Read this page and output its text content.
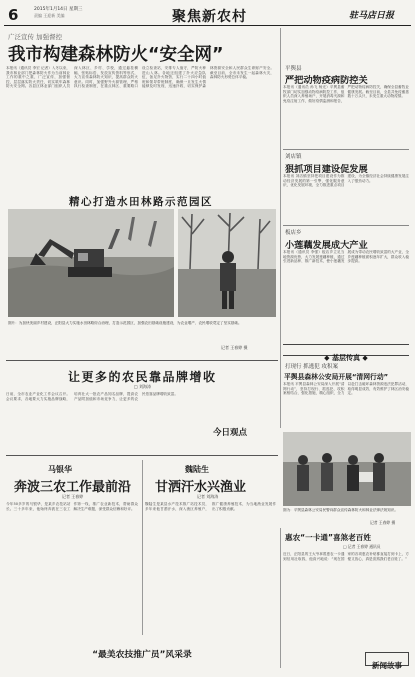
2015年1月14日 星期三
6	责编 王迎新 美编	聚焦新农村	驻马店日报
广泛宣传 加强督控
我市构建森林防火“安全网”
本报讯（通讯员 李宏 记者）入冬以来，我市林业部门把森林防火作为当前林业工作的重中之重，广泛宣传，加强督控，层层落实防火责任，切实筑牢森林防火安全网。各县区林业部门组织人员深入林区、乡村、学校，通过悬挂横幅、张贴标语、发放宣传资料等形式，大力宣传森林防火知识，提高群众防火意识。同时，加强野外火源管理，严格执行检查制度，在重点林区、重要路口设立检查站，安排专人值守，严防火种进山入林。各地还组建了扑火应急队伍，备足扑火物资，实行二十四小时值班和领导带班制度，确保一旦发生火情能够及时发现、迅速扑救，切实保护森林资源安全和人民群众生命财产安全。截至目前，全市未发生一起森林火灾，森林防火形势总体平稳。
平舆县
严把动物疫病防控关
本报讯（通讯员 孙飞 杨光）平舆县畜牧部门切实加强动物疫病防控工作，组织人员深入养殖场户，开展消毒灭源和免疫注射工作，做好疫情监测和报告，严把动物疫病防控关，确保全县畜牧业健康发展。截至目前，全县共免疫畜禽数十万头只，未发生重大动物疫情。
刘店镇
狠抓项目建设促发展
本报讯 刘店镇坚持把项目建设作为推动经济发展的第一引擎，强化服务意识，优化发展环境，全力推进重点项目建设，为全镇经济社会持续健康发展注入了强劲动力。
板店乡
小莲藕发展成大产业
本报讯（通讯员 李强）板店乡立足当地资源优势，大力发展莲藕种植，通过引进新品种、推广新技术，使小莲藕发展成为带动农民增收致富的大产业，全乡莲藕种植面积逐年扩大，群众收入稳步提高。
◆ 基层传真 ◆
精心打造水田林路示范园区
图片：为加快美丽乡村建设，正阳县大力实施水田林路综合治理，打造示范园区，加强农田基础设施建设，为农业增产、农民增收奠定了坚实基础。
记者 王春婷 摄
打现行 抓逃犯 攻积案
平舆县森林公安局开展“清网行动”
本报讯 平舆县森林公安局深入开展“清网行动”，坚持打现行、抓逃犯、攻积案相结合，强化措施，精心组织，全力以赴打击破坏森林资源违法犯罪活动，取得明显成效，有效维护了林区治安稳定。
让更多的农民靠品牌增收
□ 刘海涛
日前，全市农业产业化工作会议召开。会议要求，各地要大力实施品牌战略，培育壮大一批农产品知名品牌，提高农产品附加值和市场竞争力，让更多的农民依靠品牌增收致富。
今日观点
图为：平舆县森林公安局民警向群众宣传森林防火和林业法律法规知识。
记者 王春婷 摄
马银华
奔波三农工作最前沿
记者 王春婷
今年50多岁的马银华，是某乡农技站站长。三十多年来，他始终奔波在三农工作第一线，推广农业新技术，帮助群众解决生产难题，深受群众信赖和好评。
魏陆生
甘洒汗水兴渔业
记者 刘海涛
魏陆生是某县水产技术推广站技术员，多年来他甘洒汗水，深入渔区养殖户，推广健康养殖技术，为当地渔业发展作出了积极贡献。
“最美农技推广员”风采录
惠农“一卡通”喜煞老百姓
□ 记者 王春婷 通讯员
近日，正阳县的王大爷拿着惠农一卡通到信用社取钱，他高兴地说：“现在国家的各项惠农补贴都直接打到卡上，方便又放心，真是喜煞我们老百姓了。”
新闻故事
